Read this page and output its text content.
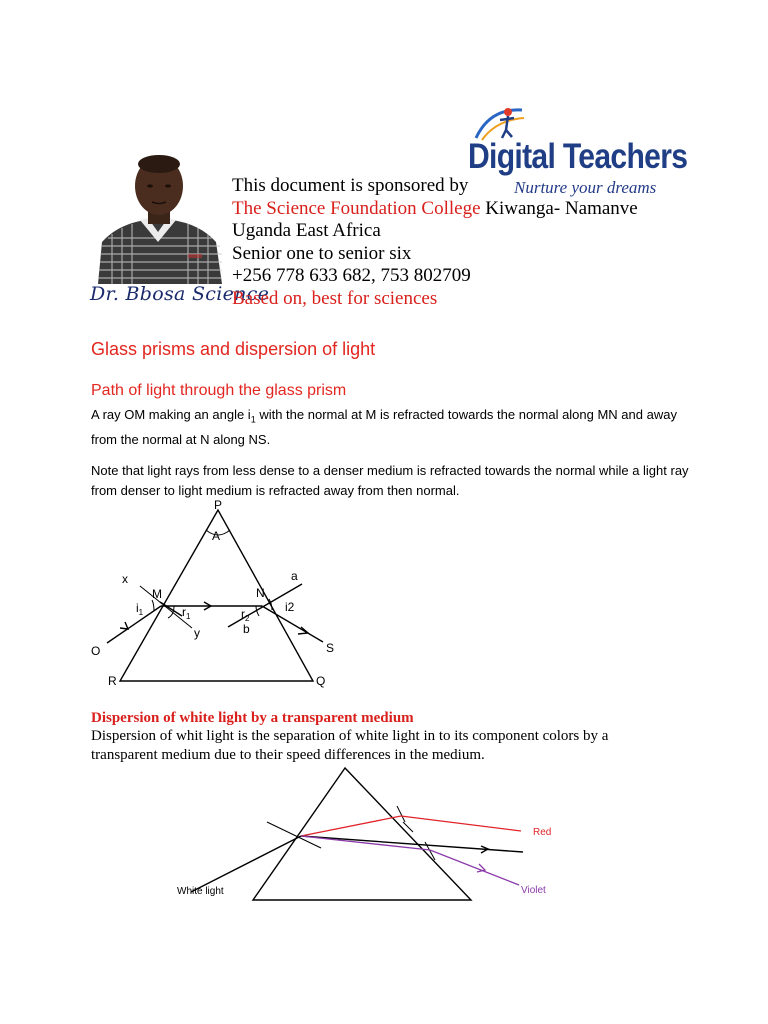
Dr. Bbosa Science
Digital Teachers
Nurture your dreams
This document is sponsored by
The Science Foundation College Kiwanga- Namanve
Uganda East Africa
Senior one to senior six
+256 778 633 682, 753 802709
Based on, best for sciences
Glass prisms and dispersion of light
Path of light through the glass prism
A ray OM making an angle $i_1$ with the normal at M is refracted towards the normal along MN and away from the normal at N along NS.
Note that light rays from less dense to a denser medium is refracted towards the normal while a light ray from denser to light medium is refracted away from then normal.
P
A
x
M	N
a
$i_1$	$r_1$	$r_2$
i2
y	b
O	S
R	Q
Dispersion of white light by a transparent medium
Dispersion of whit light is the separation of white light in to its component colors by a transparent medium due to their speed differences in the medium.
White light
Red
Violet
